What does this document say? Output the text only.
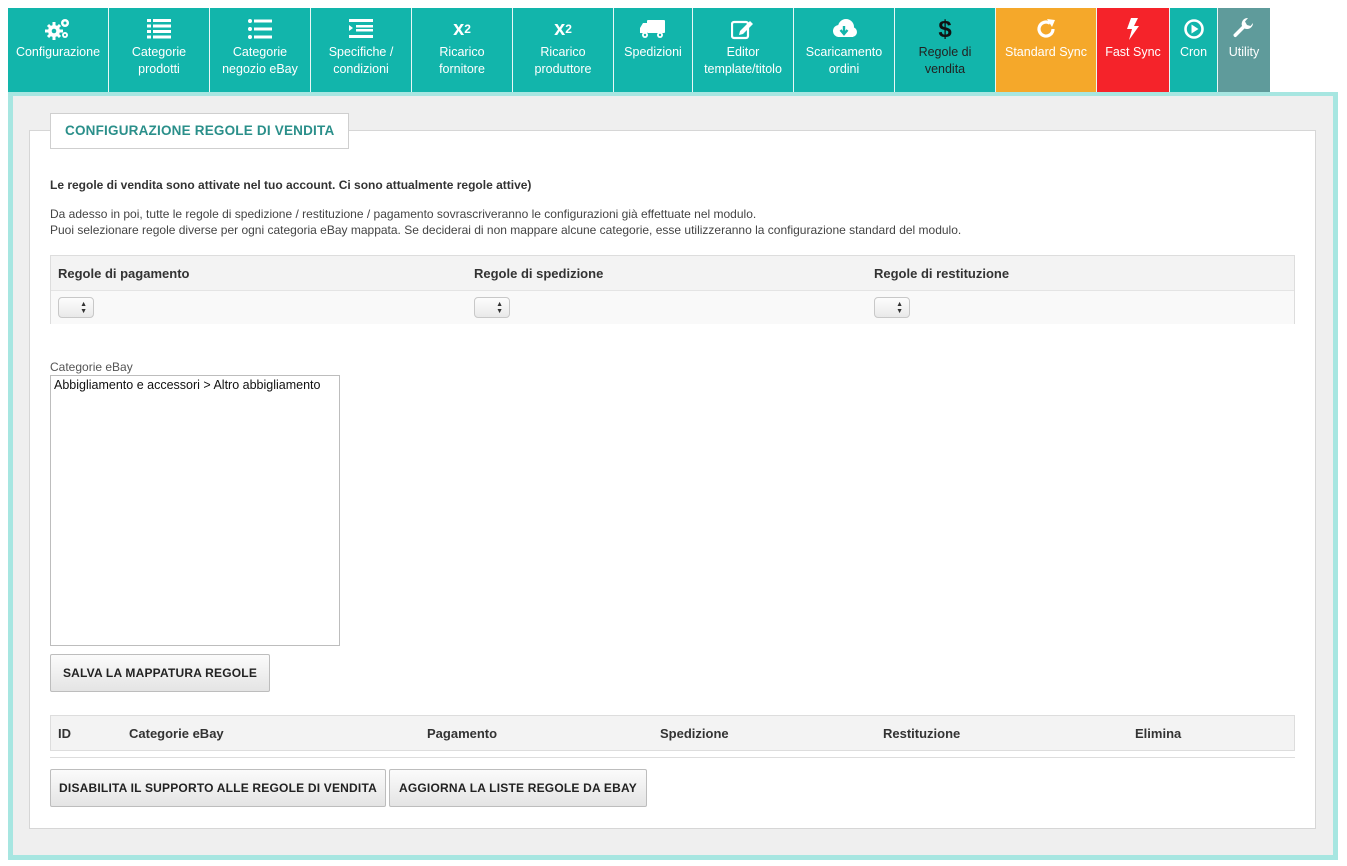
Configurazione	Categorie
prodotti
Categorie
negozio eBay
Specifiche /
condizioni
x 2
Ricarico
fornitore
x 2
Ricarico
produttore
Spedizioni	Editor
template/titolo
Scaricamento
ordini
$
Regole di
vendita
Standard Sync Fast Sync Cron Utility
CONFIGURAZIONE REGOLE DI VENDITA
Le regole di vendita sono attivate nel tuo account. Ci sono attualmente regole attive)
Da adesso in poi, tutte le regole di spedizione / restituzione / pagamento sovrascriveranno le configurazioni già effettuate nel modulo.
Puoi selezionare regole diverse per ogni categoria eBay mappata. Se deciderai di non mappare alcune categorie, esse utilizzeranno la configurazione standard del modulo.
Regole di pagamento	Regole di spedizione	Regole di restituzione
▲
▼
▲
▼
▲
▼
Categorie eBay
Abbigliamento e accessori > Altro abbigliamento
SALVA LA MAPPATURA REGOLE
ID	Categorie eBay	Pagamento	Spedizione	Restituzione	Elimina
DISABILITA IL SUPPORTO ALLE REGOLE DI VENDITA	AGGIORNA LA LISTE REGOLE DA EBAY
